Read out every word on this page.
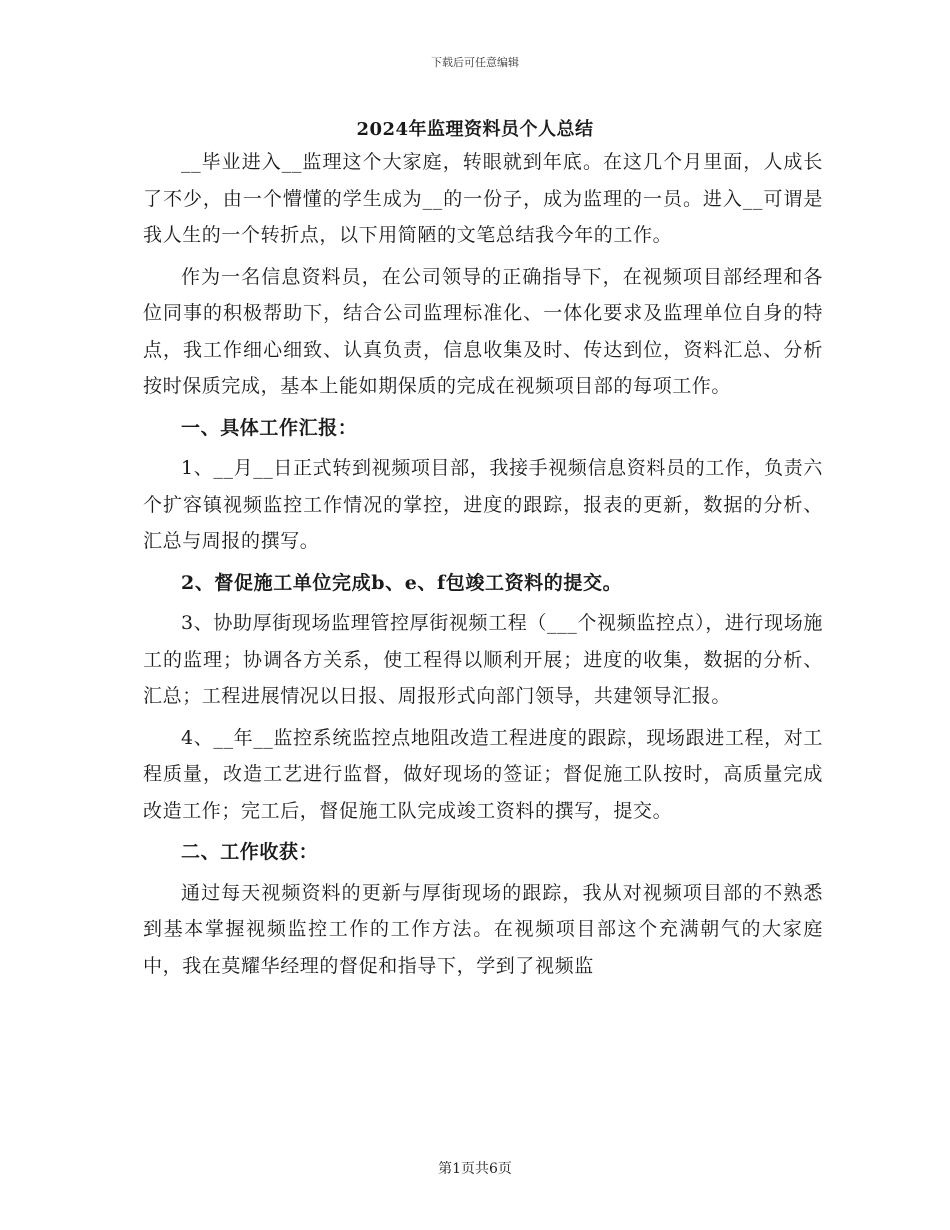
下载后可任意编辑
2024年监理资料员个人总结

__毕业进入__监理这个大家庭，转眼就到年底。在这几个月里面，人成长了不少，由一个懵懂的学生成为__的一份子，成为监理的一员。进入__可谓是我人生的一个转折点，以下用简陋的文笔总结我今年的工作。

作为一名信息资料员，在公司领导的正确指导下，在视频项目部经理和各位同事的积极帮助下，结合公司监理标准化、一体化要求及监理单位自身的特点，我工作细心细致、认真负责，信息收集及时、传达到位，资料汇总、分析按时保质完成，基本上能如期保质的完成在视频项目部的每项工作。

一、具体工作汇报：

1、__月__日正式转到视频项目部，我接手视频信息资料员的工作，负责六个扩容镇视频监控工作情况的掌控，进度的跟踪，报表的更新，数据的分析、汇总与周报的撰写。

2、督促施工单位完成b、e、f包竣工资料的提交。

3、协助厚街现场监理管控厚街视频工程（___个视频监控点），进行现场施工的监理；协调各方关系，使工程得以顺利开展；进度的收集，数据的分析、汇总；工程进展情况以日报、周报形式向部门领导，共建领导汇报。

4、__年__监控系统监控点地阻改造工程进度的跟踪，现场跟进工程，对工程质量，改造工艺进行监督，做好现场的签证；督促施工队按时，高质量完成改造工作；完工后，督促施工队完成竣工资料的撰写，提交。

二、工作收获：

通过每天视频资料的更新与厚街现场的跟踪，我从对视频项目部的不熟悉到基本掌握视频监控工作的工作方法。在视频项目部这个充满朝气的大家庭中，我在莫耀华经理的督促和指导下，学到了视频监

第1页共6页
